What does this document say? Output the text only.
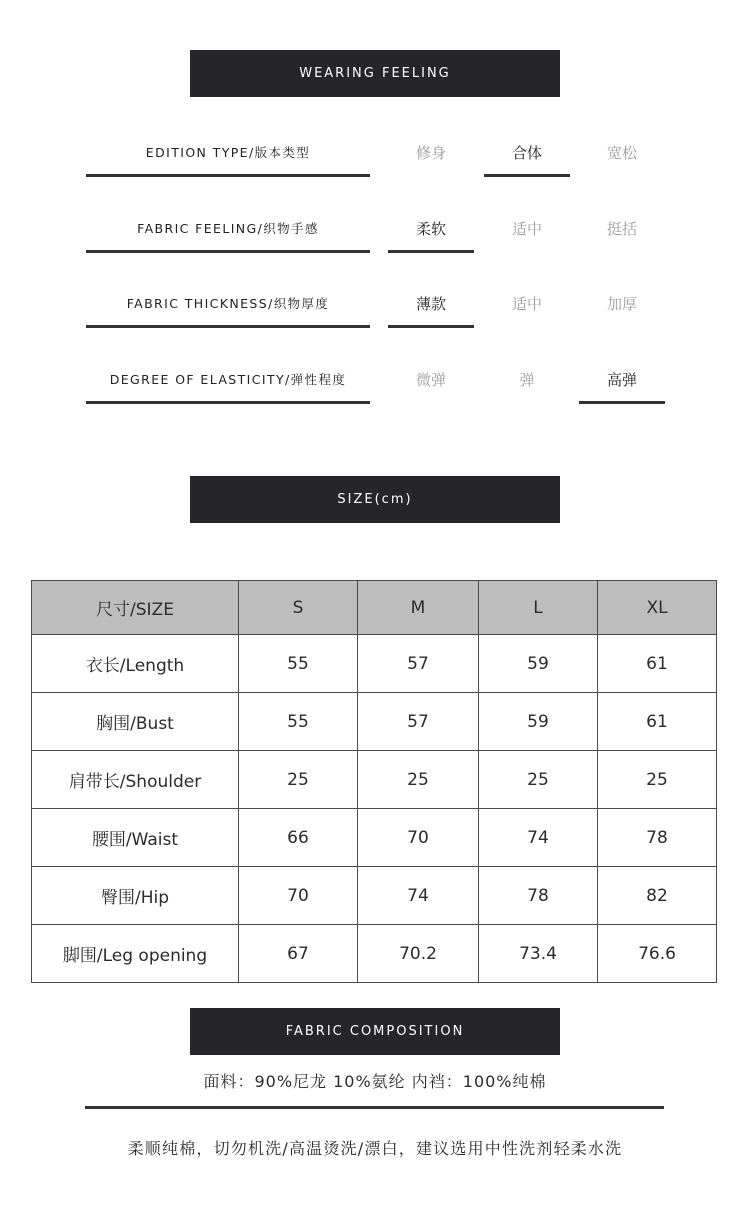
WEARING FEELING
EDITION TYPE/版本类型	修身	合体	宽松
FABRIC FEELING/织物手感	柔软	适中	挺括
FABRIC THICKNESS/织物厚度	薄款	适中	加厚
DEGREE OF ELASTICITY/弹性程度	微弹	弹	高弹
SIZE(cm)
尺寸/SIZE	S	M	L	XL
衣长/Length	55	57	59	61
胸围/Bust	55	57	59	61
肩带长/Shoulder	25	25	25	25
腰围/Waist	66	70	74	78
臀围/Hip	70	74	78	82
脚围/Leg opening	67	70.2	73.4	76.6
FABRIC COMPOSITION
面料：90%尼龙 10%氨纶 内裆：100%纯棉
柔顺纯棉，切勿机洗/高温烫洗/漂白，建议选用中性洗剂轻柔水洗
